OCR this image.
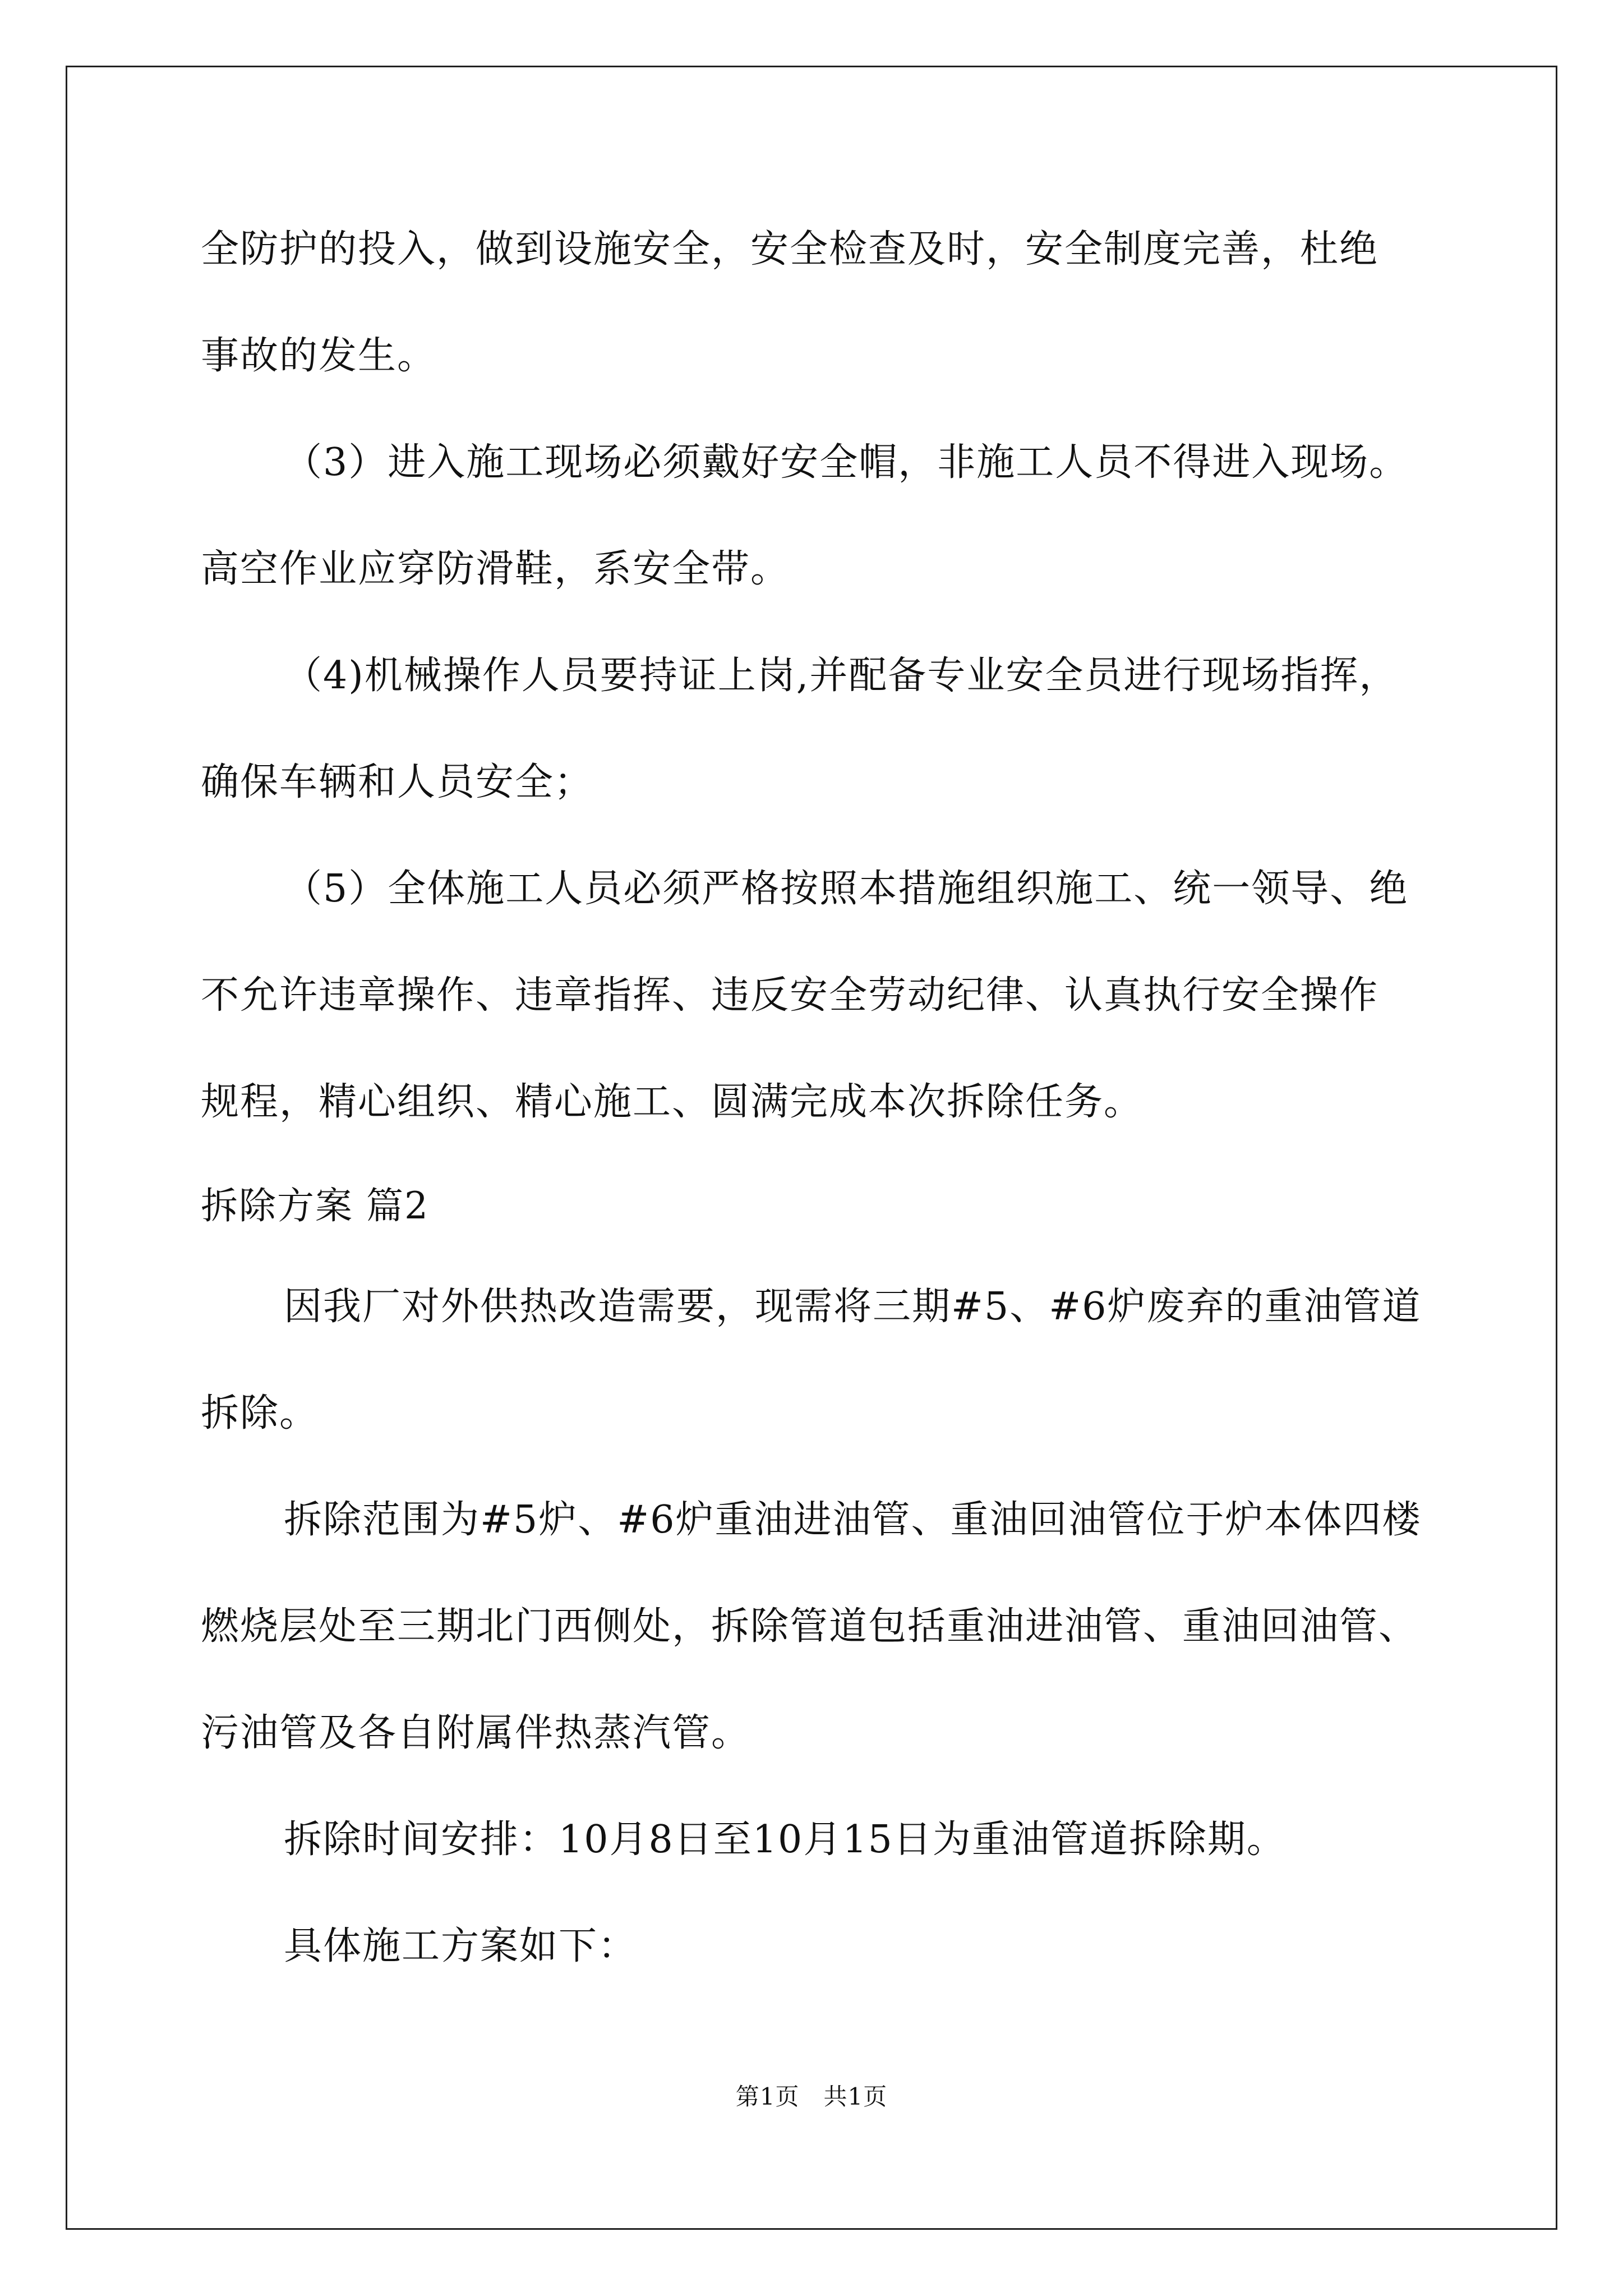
全防护的投入，做到设施安全，安全检查及时，安全制度完善，杜绝
事故的发生。
（3）进入施工现场必须戴好安全帽，非施工人员不得进入现场。
高空作业应穿防滑鞋，系安全带。
（4)机械操作人员要持证上岗,并配备专业安全员进行现场指挥，
确保车辆和人员安全；
（5）全体施工人员必须严格按照本措施组织施工、统一领导、绝
不允许违章操作、违章指挥、违反安全劳动纪律、认真执行安全操作
规程，精心组织、精心施工、圆满完成本次拆除任务。
拆除方案 篇2
因我厂对外供热改造需要，现需将三期#5、#6炉废弃的重油管道
拆除。
拆除范围为#5炉、#6炉重油进油管、重油回油管位于炉本体四楼
燃烧层处至三期北门西侧处，拆除管道包括重油进油管、重油回油管、
污油管及各自附属伴热蒸汽管。
拆除时间安排：10月8日至10月15日为重油管道拆除期。
具体施工方案如下：
第1页　共1页
